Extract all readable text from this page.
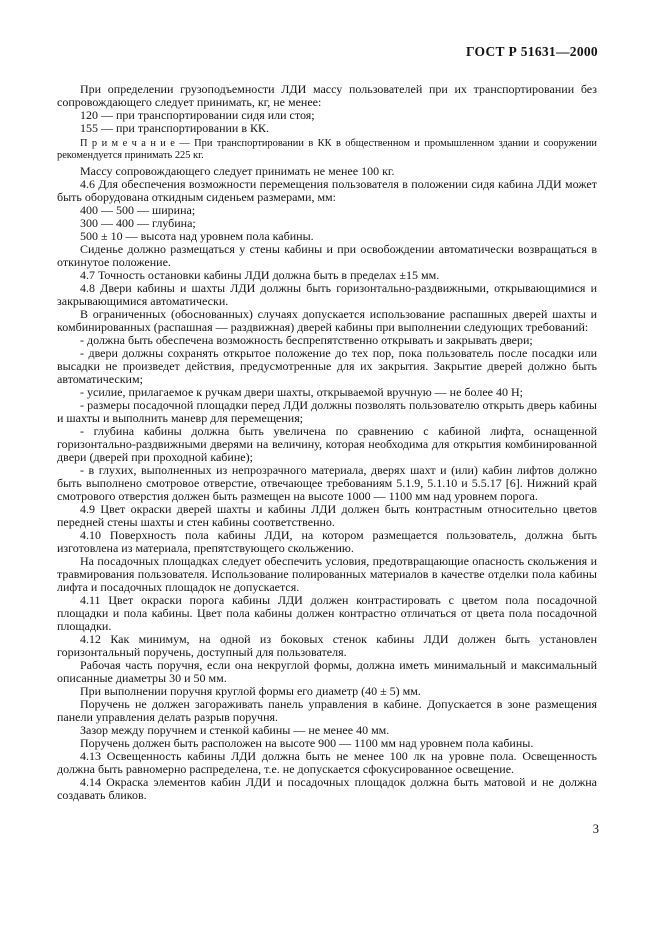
ГОСТ Р 51631—2000

При определении грузоподъемности ЛДИ массу пользователей при их транспортировании без сопровождающего следует принимать, кг, не менее:

120 — при транспортировании сидя или стоя;

155 — при транспортировании в КК.

П р и м е ч а н и е — При транспортировании в КК в общественном и промышленном здании и сооружении рекомендуется принимать 225 кг.

Массу сопровождающего следует принимать не менее 100 кг.

4.6 Для обеспечения возможности перемещения пользователя в положении сидя кабина ЛДИ может быть оборудована откидным сиденьем размерами, мм:

400 — 500 — ширина;

300 — 400 — глубина;

500 ± 10 — высота над уровнем пола кабины.

Сиденье должно размещаться у стены кабины и при освобождении автоматически возвращаться в откинутое положение.

4.7 Точность остановки кабины ЛДИ должна быть в пределах ±15 мм.

4.8 Двери кабины и шахты ЛДИ должны быть горизонтально-раздвижными, открывающимися и закрывающимися автоматически.

В ограниченных (обоснованных) случаях допускается использование распашных дверей шахты и комбинированных (распашная — раздвижная) дверей кабины при выполнении следующих требований:

- должна быть обеспечена возможность беспрепятственно открывать и закрывать двери;

- двери должны сохранять открытое положение до тех пор, пока пользователь после посадки или высадки не произведет действия, предусмотренные для их закрытия. Закрытие дверей должно быть автоматическим;

- усилие, прилагаемое к ручкам двери шахты, открываемой вручную — не более 40 Н;

- размеры посадочной площадки перед ЛДИ должны позволять пользователю открыть дверь кабины и шахты и выполнить маневр для перемещения;

- глубина кабины должна быть увеличена по сравнению с кабиной лифта, оснащенной горизонтально-раздвижными дверями на величину, которая необходима для открытия комбинированной двери (дверей при проходной кабине);

- в глухих, выполненных из непрозрачного материала, дверях шахт и (или) кабин лифтов должно быть выполнено смотровое отверстие, отвечающее требованиям 5.1.9, 5.1.10 и 5.5.17 [6]. Нижний край смотрового отверстия должен быть размещен на высоте 1000 — 1100 мм над уровнем порога.

4.9 Цвет окраски дверей шахты и кабины ЛДИ должен быть контрастным относительно цветов передней стены шахты и стен кабины соответственно.

4.10 Поверхность пола кабины ЛДИ, на котором размещается пользователь, должна быть изготовлена из материала, препятствующего скольжению.

На посадочных площадках следует обеспечить условия, предотвращающие опасность скольжения и травмирования пользователя. Использование полированных материалов в качестве отделки пола кабины лифта и посадочных площадок не допускается.

4.11 Цвет окраски порога кабины ЛДИ должен контрастировать с цветом пола посадочной площадки и пола кабины. Цвет пола кабины должен контрастно отличаться от цвета пола посадочной площадки.

4.12 Как минимум, на одной из боковых стенок кабины ЛДИ должен быть установлен горизонтальный поручень, доступный для пользователя.

Рабочая часть поручня, если она некруглой формы, должна иметь минимальный и максимальный описанные диаметры 30 и 50 мм.

При выполнении поручня круглой формы его диаметр (40 ± 5) мм.

Поручень не должен загораживать панель управления в кабине. Допускается в зоне размещения панели управления делать разрыв поручня.

Зазор между поручнем и стенкой кабины — не менее 40 мм.

Поручень должен быть расположен на высоте 900 — 1100 мм над уровнем пола кабины.

4.13 Освещенность кабины ЛДИ должна быть не менее 100 лк на уровне пола. Освещенность должна быть равномерно распределена, т.е. не допускается сфокусированное освещение.

4.14 Окраска элементов кабин ЛДИ и посадочных площадок должна быть матовой и не должна создавать бликов.

3
